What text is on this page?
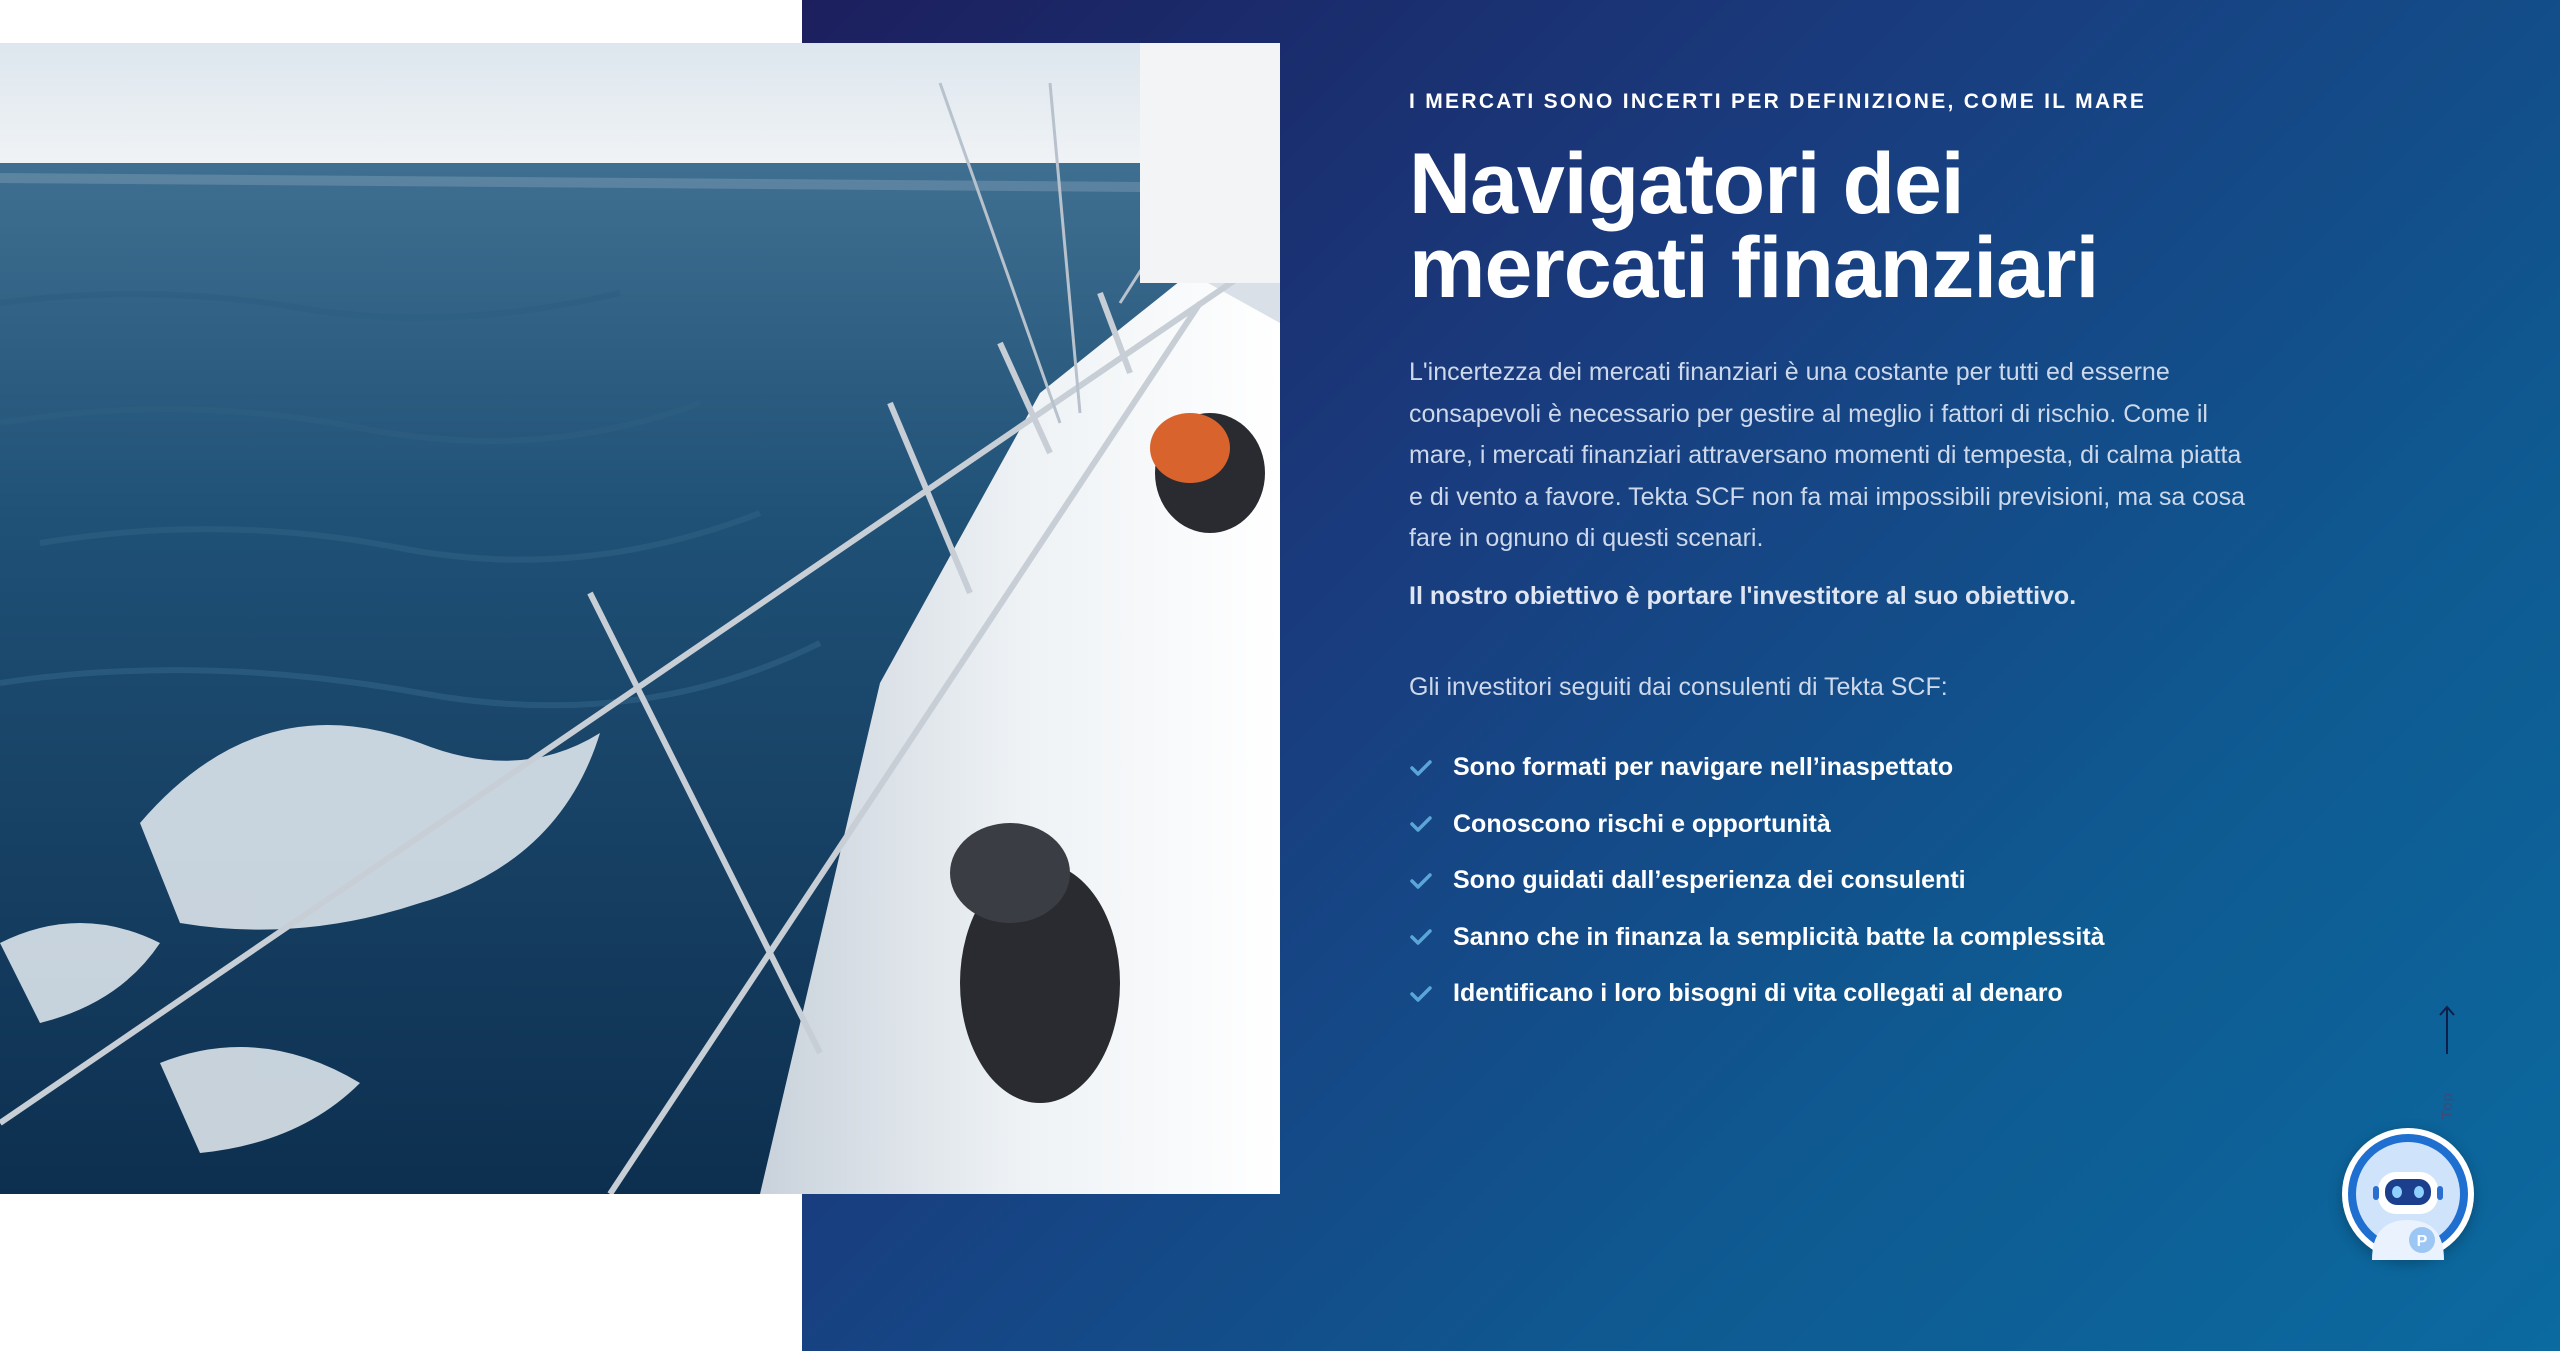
I MERCATI SONO INCERTI PER DEFINIZIONE, COME IL MARE

Navigatori dei
mercati finanziari

L'incertezza dei mercati finanziari è una costante per tutti ed esserne consapevoli è necessario per gestire al meglio i fattori di rischio. Come il mare, i mercati finanziari attraversano momenti di tempesta, di calma piatta e di vento a favore. Tekta SCF non fa mai impossibili previsioni, ma sa cosa fare in ognuno di questi scenari.

Il nostro obiettivo è portare l'investitore al suo obiettivo.

Gli investitori seguiti dai consulenti di Tekta SCF:

Sono formati per navigare nell’inaspettato
Conoscono rischi e opportunità
Sono guidati dall’esperienza dei consulenti
Sanno che in finanza la semplicità batte la complessità
Identificano i loro bisogni di vita collegati al denaro
Top
P
